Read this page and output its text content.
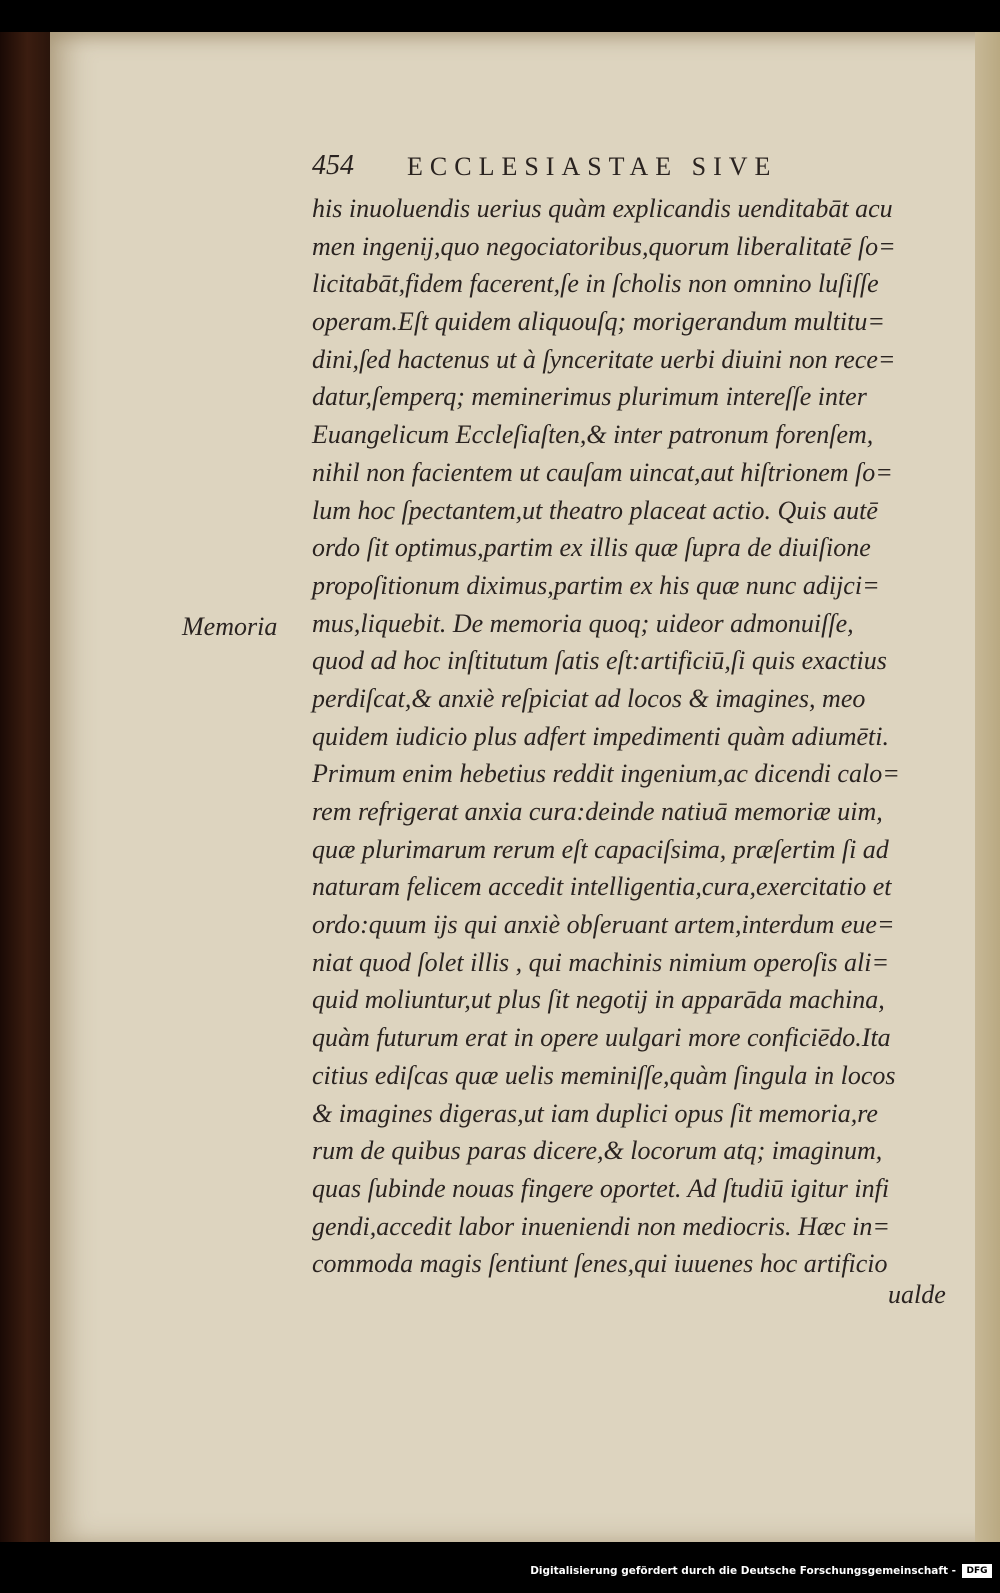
454 ECCLESIASTAE SIVE
Memoria
his inuoluendis uerius quàm explicandis uenditabāt acu
men ingenij,quo negociatoribus,quorum liberalitatē ſo=
licitabāt,fidem facerent,ſe in ſcholis non omnino luſiſſe
operam.Eſt quidem aliquouſq; morigerandum multitu=
dini,ſed hactenus ut à ſynceritate uerbi diuini non rece=
datur,ſemperq; meminerimus plurimum intereſſe inter
Euangelicum Eccleſiaſten,& inter patronum forenſem,
nihil non facientem ut cauſam uincat,aut hiſtrionem ſo=
lum hoc ſpectantem,ut theatro placeat actio. Quis autē
ordo ſit optimus,partim ex illis quæ ſupra de diuiſione
propoſitionum diximus,partim ex his quæ nunc adijci=
mus,liquebit. De memoria quoq; uideor admonuiſſe,
quod ad hoc inſtitutum ſatis eſt:artificiū,ſi quis exactius
perdiſcat,& anxiè reſpiciat ad locos & imagines, meo
quidem iudicio plus adfert impedimenti quàm adiumēti.
Primum enim hebetius reddit ingenium,ac dicendi calo=
rem refrigerat anxia cura:deinde natiuā memoriæ uim,
quæ plurimarum rerum eſt capaciſsima, præſertim ſi ad
naturam felicem accedit intelligentia,cura,exercitatio et
ordo:quum ijs qui anxiè obſeruant artem,interdum eue=
niat quod ſolet illis , qui machinis nimium operoſis ali=
quid moliuntur,ut plus ſit negotij in apparāda machina,
quàm futurum erat in opere uulgari more conficiēdo.Ita
citius ediſcas quæ uelis meminiſſe,quàm ſingula in locos
& imagines digeras,ut iam duplici opus ſit memoria,re
rum de quibus paras dicere,& locorum atq; imaginum,
quas ſubinde nouas fingere oportet. Ad ſtudiū igitur infi
gendi,accedit labor inueniendi non mediocris. Hæc in=
commoda magis ſentiunt ſenes,qui iuuenes hoc artificio
ualde
Digitalisierung gefördert durch die Deutsche Forschungsgemeinschaft -	DFG
